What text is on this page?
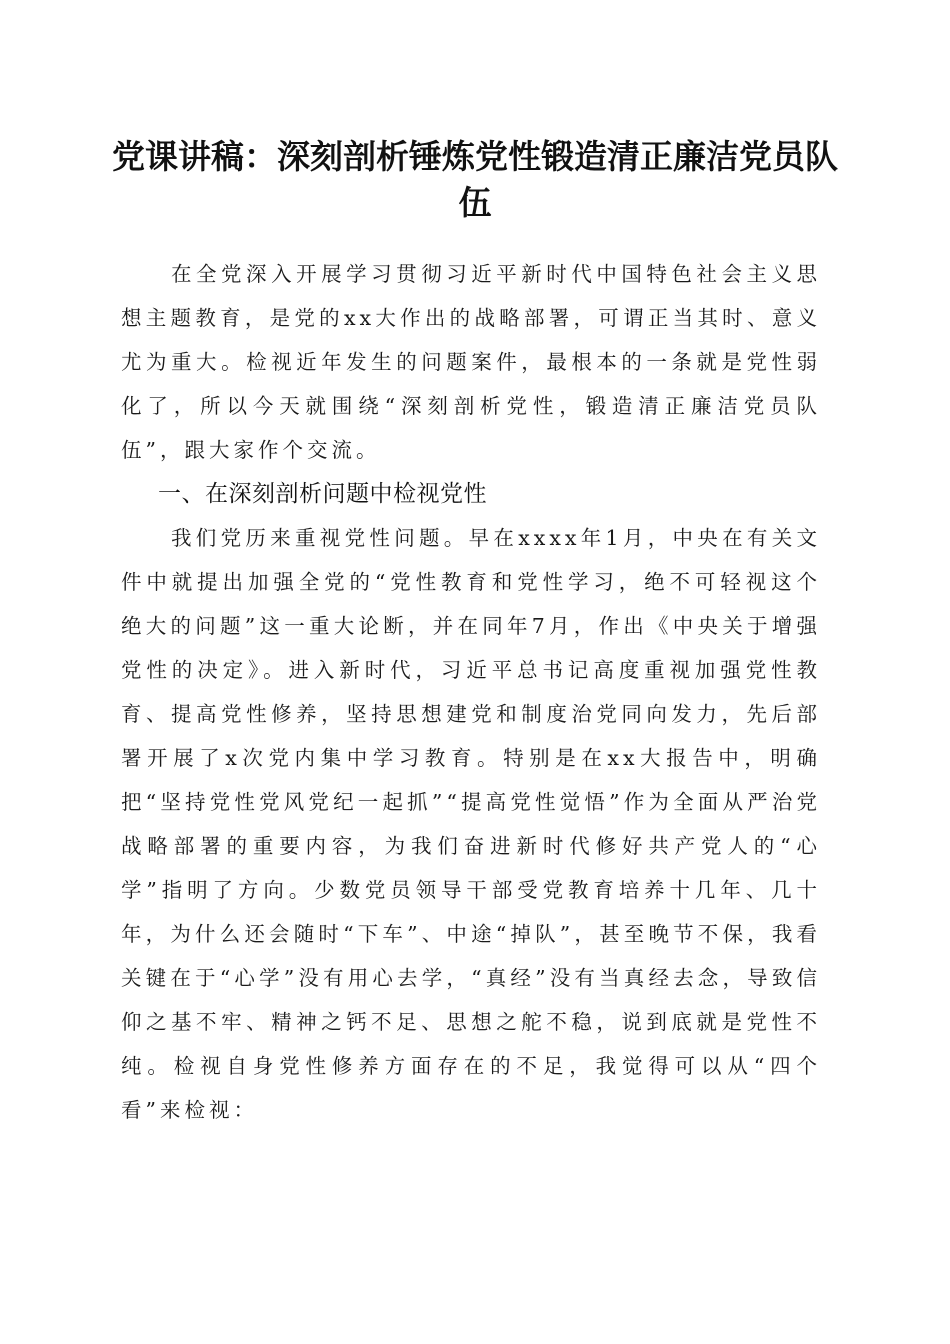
党课讲稿：深刻剖析锤炼党性锻造清正廉洁党员队伍

在全党深入开展学习贯彻习近平新时代中国特色社会主义思想主题教育，是党的xx大作出的战略部署，可谓正当其时、意义尤为重大。检视近年发生的问题案件，最根本的一条就是党性弱化了，所以今天就围绕“深刻剖析党性，锻造清正廉洁党员队伍”，跟大家作个交流。

一、在深刻剖析问题中检视党性

我们党历来重视党性问题。早在xxxx年1月，中央在有关文件中就提出加强全党的“党性教育和党性学习，绝不可轻视这个绝大的问题”这一重大论断，并在同年7月，作出《中央关于增强党性的决定》。进入新时代，习近平总书记高度重视加强党性教育、提高党性修养，坚持思想建党和制度治党同向发力，先后部署开展了x次党内集中学习教育。特别是在xx大报告中，明确把“坚持党性党风党纪一起抓”“提高党性觉悟”作为全面从严治党战略部署的重要内容，为我们奋进新时代修好共产党人的“心学”指明了方向。少数党员领导干部受党教育培养十几年、几十年，为什么还会随时“下车”、中途“掉队”，甚至晚节不保，我看关键在于“心学”没有用心去学，“真经”没有当真经去念，导致信仰之基不牢、精神之钙不足、思想之舵不稳，说到底就是党性不纯。检视自身党性修养方面存在的不足，我觉得可以从“四个看”来检视：
